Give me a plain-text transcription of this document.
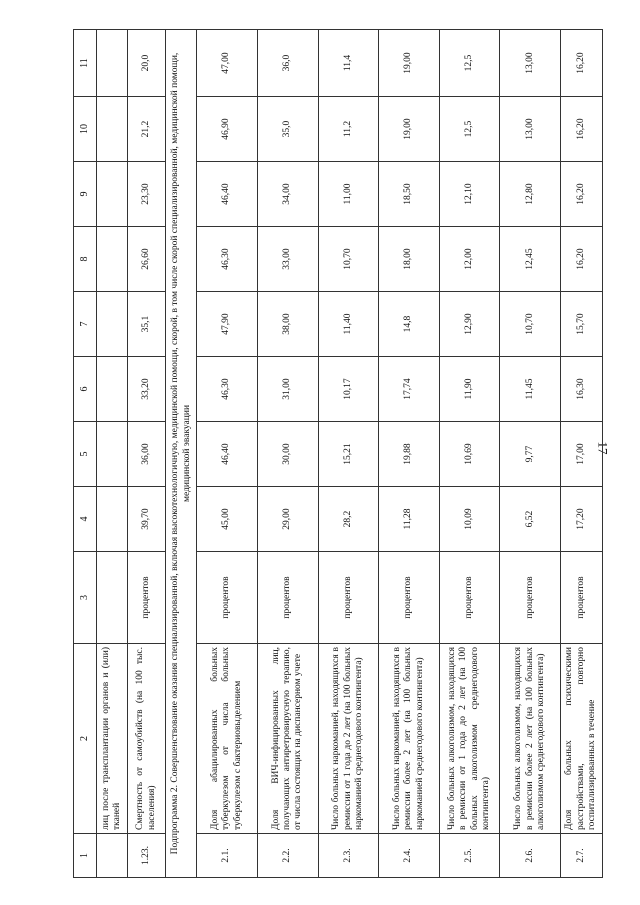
17
1	2	3	4	5	6	7	8	9	10	11
	лиц после трансплантации органов и (или) тканей									
1.23.	Смертность от самоубийств (на 100 тыс. населения)	процентов	39,70	36,00	33,20	35,1	26,60	23,30	21,2	20,0
Подпрограмма 2. Совершенствование оказания специализированной, включая высокотехнологичную, медицинской помощи, скорой, в том числе скорой специализированной, медицинской помощи, медицинской эвакуации										
2.1.	Доля абацилированных больных туберкулезом от числа больных туберкулезом с бактериовыделением	процентов	45,00	46,40	46,30	47,90	46,30	46,40	46,90	47,00
2.2.	Доля ВИЧ-инфицированных лиц, получающих антиретровирусную терапию, от числа состоящих на диспансерном учете	процентов	29,00	30,00	31,00	38,00	33,00	34,00	35,0	36,0
2.3.	Число больных наркоманией, находящихся в ремиссии от 1 года до 2 лет (на 100 больных наркоманией среднегодового контингента)	процентов	28,2	15,21	10,17	11,40	10,70	11,00	11,2	11,4
2.4.	Число больных наркоманией, находящихся в ремиссии более 2 лет (на 100 больных наркоманией среднегодового контингента)	процентов	11,28	19,88	17,74	14,8	18,00	18,50	19,00	19,00
2.5.	Число больных алкоголизмом, находящихся в ремиссии от 1 года до 2 лет (на 100 больных алкоголизмом среднегодового контингента)	процентов	10,09	10,69	11,90	12,90	12,00	12,10	12,5	12,5
2.6.	Число больных алкоголизмом, находящихся в ремиссии более 2 лет (на 100 больных алкоголизмом среднегодового контингента)	процентов	6,52	9,77	11,45	10,70	12,45	12,80	13,00	13,00
2.7.	Доля больных психическими расстройствами, повторно госпитализированных в течение	процентов	17,20	17,00	16,30	15,70	16,20	16,20	16,20	16,20
